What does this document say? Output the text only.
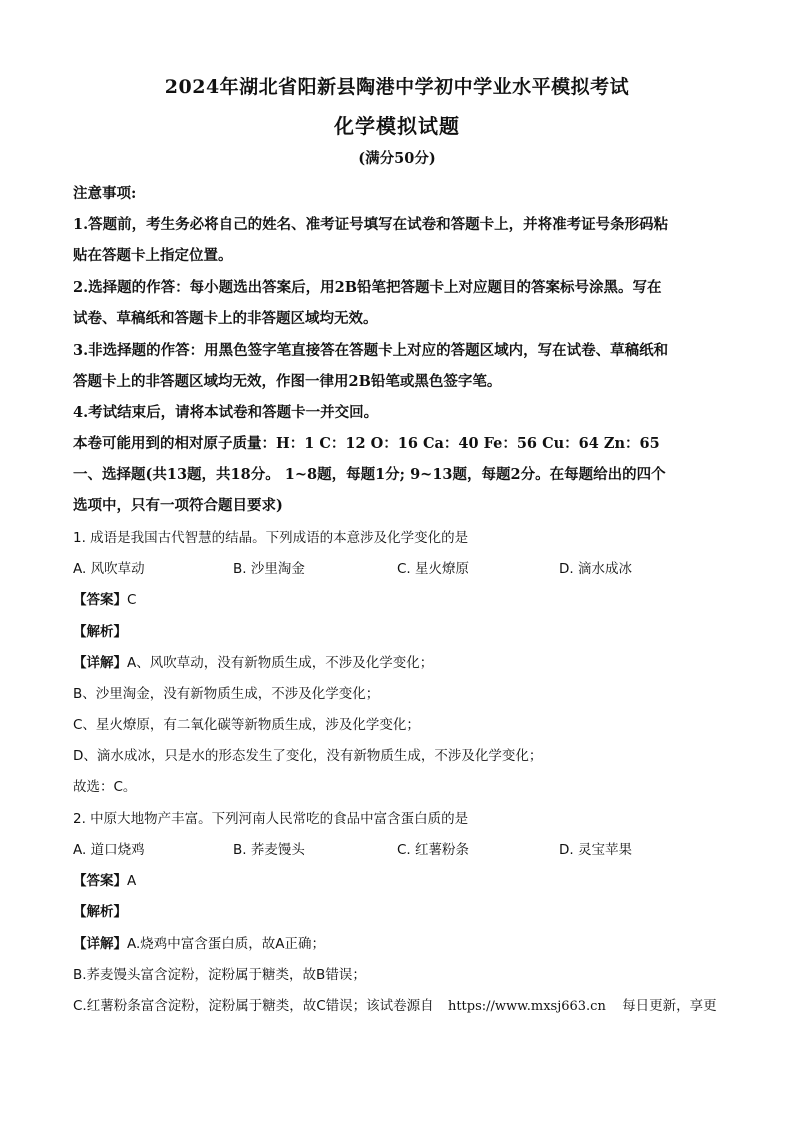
2024年湖北省阳新县陶港中学初中学业水平模拟考试
化学模拟试题
(满分50分)
注意事项:
1.答题前，考生务必将自己的姓名、准考证号填写在试卷和答题卡上，并将准考证号条形码粘
贴在答题卡上指定位置。
2.选择题的作答：每小题选出答案后，用2B铅笔把答题卡上对应题目的答案标号涂黑。写在
试卷、草稿纸和答题卡上的非答题区域均无效。
3.非选择题的作答：用黑色签字笔直接答在答题卡上对应的答题区域内，写在试卷、草稿纸和
答题卡上的非答题区域均无效，作图一律用2B铅笔或黑色签字笔。
4.考试结束后，请将本试卷和答题卡一并交回。
本卷可能用到的相对原子质量：H：1 C：12 O：16 Ca：40 Fe：56 Cu：64 Zn：65
一、选择题(共13题，共18分。 1~8题，每题1分; 9~13题，每题2分。在每题给出的四个
选项中，只有一项符合题目要求)
1. 成语是我国古代智慧的结晶。下列成语的本意涉及化学变化的是
A. 风吹草动	B. 沙里淘金	C. 星火燎原	D. 滴水成冰
【答案】C
【解析】
【详解】A、风吹草动，没有新物质生成，不涉及化学变化；
B、沙里淘金，没有新物质生成，不涉及化学变化；
C、星火燎原，有二氧化碳等新物质生成，涉及化学变化；
D、滴水成冰，只是水的形态发生了变化，没有新物质生成，不涉及化学变化；
故选：C。
2. 中原大地物产丰富。下列河南人民常吃的食品中富含蛋白质的是
A. 道口烧鸡	B. 荞麦馒头	C. 红薯粉条	D. 灵宝苹果
【答案】A
【解析】
【详解】A.烧鸡中富含蛋白质，故A正确；
B.荞麦馒头富含淀粉，淀粉属于糖类，故B错误；
C.红薯粉条富含淀粉，淀粉属于糖类，故C错误；该试卷源自 https://www.mxsj663.cn 每日更新，享更
